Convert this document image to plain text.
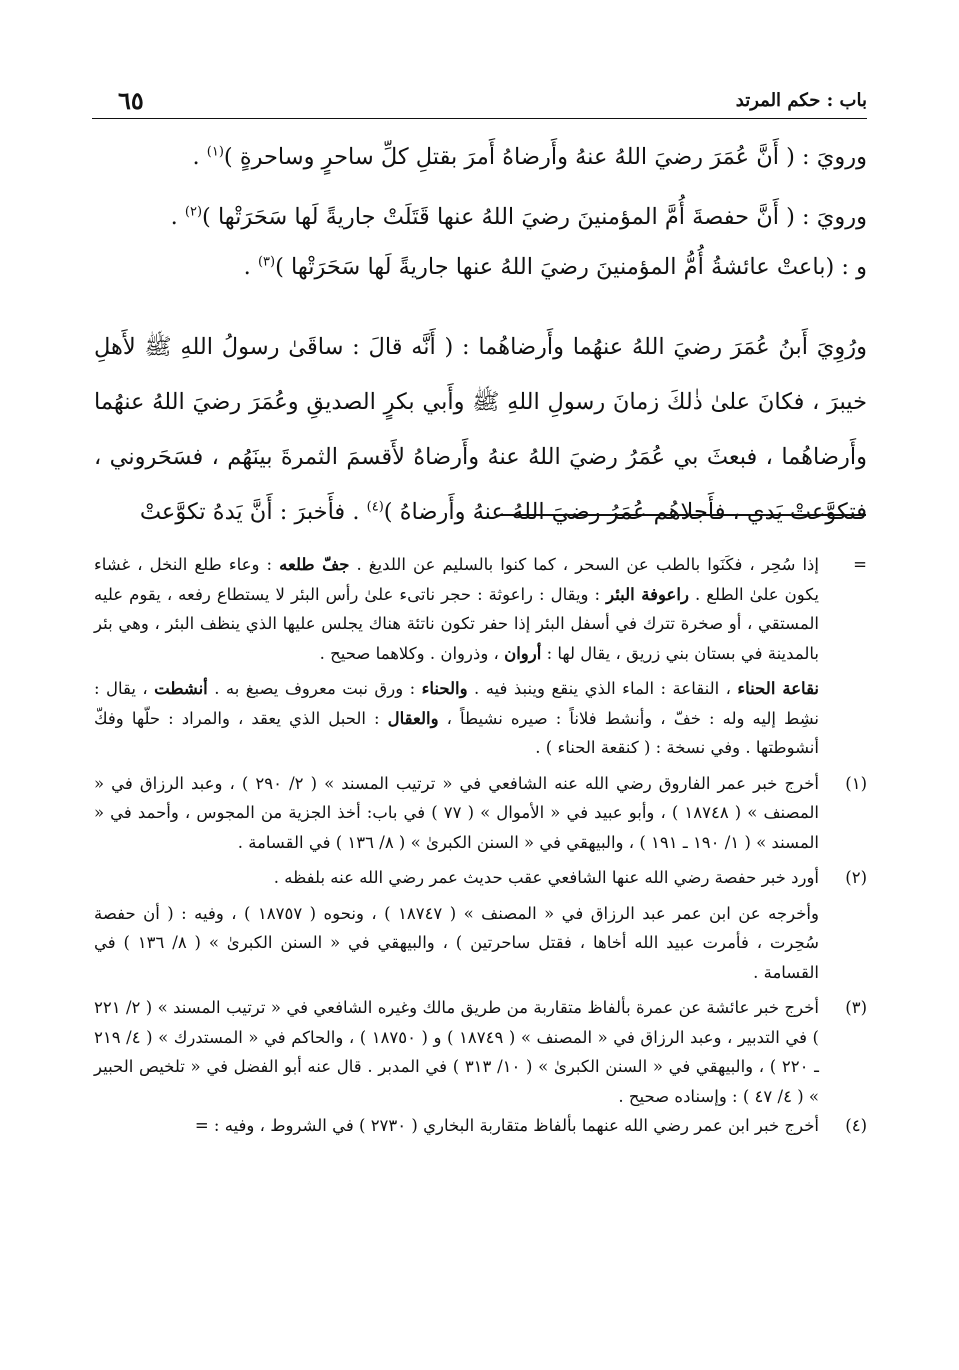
باب : حكم المرتد
٦٥

ورويَ : ( أَنَّ عُمَرَ رضيَ اللهُ عنهُ وأَرضاهُ أَمرَ بقتلِ كلِّ ساحرٍ وساحرةٍ )$^{(١)}$ .

ورويَ : ( أَنَّ حفصةَ أُمَّ المؤمنينَ رضيَ اللهُ عنها قَتَلَتْ جاريةً لَها سَحَرَتْها )$^{(٢)}$ .

و : (باعتْ عائشةُ أُمُّ المؤمنينَ رضيَ اللهُ عنها جاريةً لَها سَحَرَتْها )$^{(٣)}$ .

ورُوِيَ أَبنُ عُمَرَ رضيَ اللهُ عنهُما وأَرضاهُما : ( أَنَّه قالَ : ساقَىٰ رسولُ اللهِ ﷺ لأَهلِ خيبرَ ، فكانَ علىٰ ذٰلكَ زمانَ رسولِ اللهِ ﷺ وأَبي بكرٍ الصديقِ وعُمَرَ رضيَ اللهُ عنهُما وأَرضاهُما ، فبعثَ بي عُمَرُ رضيَ اللهُ عنهُ وأَرضاهُ لأَقسمَ الثمرةَ بينَهُم ، فسَحَروني ، فتكوَّعتْ يَدي ، فأَجلاهُم عُمَرُ رضيَ اللهُ عنهُ وأَرضاهُ )$^{(٤)}$ . فأَخبرَ : أَنَّ يَدهُ تكوَّعتْ

=
إذا سُحِر ، فكَنَوا بالطب عن السحر ، كما كنوا بالسليم عن اللديغ . جفّ طلعه : وعاء طلع النخل ، غشاء يكون علىٰ الطلع . راعوفة البئر : ويقال : راعوثة : حجر ناتىء علىٰ رأس البئر لا يستطاع رفعه ، يقوم عليه المستقي ، أو صخرة تترك في أسفل البئر إذا حفر تكون ناتئة هناك يجلس عليها الذي ينظف البئر ، وهي بئر بالمدينة في بستان بني زريق ، يقال لها : أروان ، وذروان . وكلاهما صحيح .

نقاعة الحناء ، النقاعة : الماء الذي ينقع وينبذ فيه . والحناء : ورق نبت معروف يصبغ به . أنشطت ، يقال : نشِط إليه وله : خفّ ، وأنشط فلاناً : صيره نشيطاً ، والعقال : الحبل الذي يعقد ، والمراد : حلّها وفكّ أنشوطتها . وفي نسخة : ( كنقعة الحناء ) .

(١)
أخرج خبر عمر الفاروق رضي الله عنه الشافعي في « ترتيب المسند » ( ٢/ ٢٩٠ ) ، وعبد الرزاق في « المصنف » ( ١٨٧٤٨ ) ، وأبو عبيد في « الأموال » ( ٧٧ ) في باب: أخذ الجزية من المجوس ، وأحمد في « المسند » ( ١/ ١٩٠ ـ ١٩١ ) ، والبيهقي في « السنن الكبرىٰ » ( ٨/ ١٣٦ ) في القسامة .

(٢)
أورد خبر حفصة رضي الله عنها الشافعي عقب حديث عمر رضي الله عنه بلفظه .

وأخرجه عن ابن عمر عبد الرزاق في « المصنف » ( ١٨٧٤٧ ) ، ونحوه ( ١٨٧٥٧ ) ، وفيه : ( أن حفصة سُحِرت ، فأمرت عبيد الله أخاها ، فقتل ساحرتين ) ، والبيهقي في « السنن الكبرىٰ » ( ٨/ ١٣٦ ) في القسامة .

(٣)
أخرج خبر عائشة عن عمرة بألفاظ متقاربة من طريق مالك وغيره الشافعي في « ترتيب المسند » ( ٢/ ٢٢١ ) في التدبير ، وعبد الرزاق في « المصنف » ( ١٨٧٤٩ ) و ( ١٨٧٥٠ ) ، والحاكم في « المستدرك » ( ٤/ ٢١٩ ـ ٢٢٠ ) ، والبيهقي في « السنن الكبرىٰ » ( ١٠/ ٣١٣ ) في المدبر . قال عنه أبو الفضل في « تلخيص الحبير » ( ٤/ ٤٧ ) : وإسناده صحيح .

(٤)
أخرج خبر ابن عمر رضي الله عنهما بألفاظ متقاربة البخاري ( ٢٧٣٠ ) في الشروط ، وفيه : =
